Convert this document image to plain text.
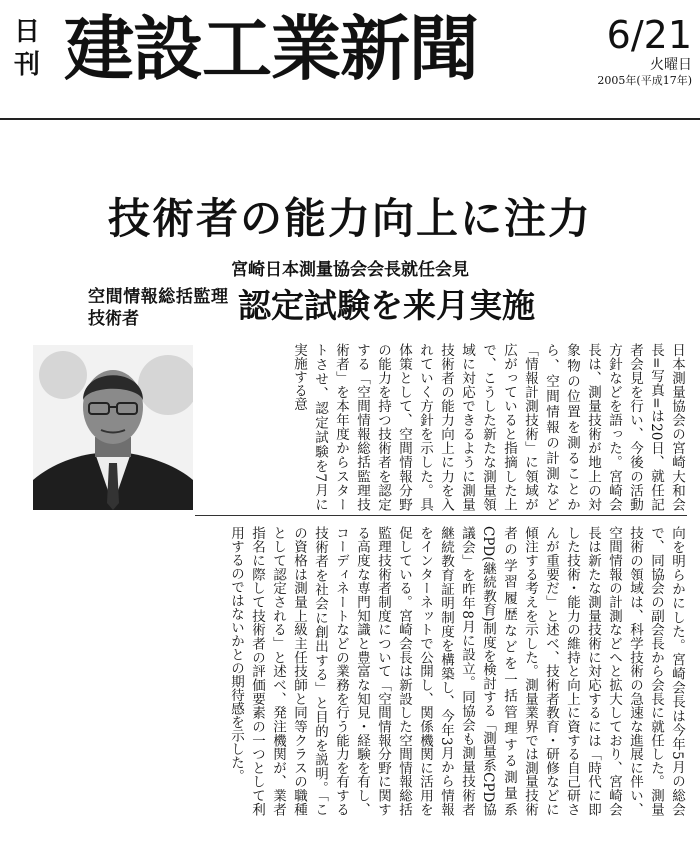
日刊 建設工業新聞	6/21
火曜日
2005年(平成17年)
技術者の能力向上に注力
宮崎日本測量協会会長就任会見
空間情報総括監理技術者	認定試験を来月実施
日本測量協会の宮崎大和会長=写真=は20日、就任記者会見を行い、今後の活動方針などを語った。宮崎会長は、測量技術が地上の対象物の位置を測ることから、空間情報の計測など「情報計測技術」に領域が広がっていると指摘した上で、こうした新たな測量領域に対応できるように測量技術者の能力向上に力を入れていく方針を示した。具体策として、空間情報分野の能力を持つ技術者を認定する「空間情報総括監理技術者」を本年度からスタートさせ、認定試験を7月に実施する意
向を明らかにした。宮崎会長は今年5月の総会で、同協会の副会長から会長に就任した。測量技術の領域は、科学技術の急速な進展に伴い、空間情報の計測などへと拡大しており、宮崎会長は新たな測量技術に対応するには「時代に即した技術・能力の維持と向上に資する自己研さんが重要だ」と述べ、技術者教育・研修などに傾注する考えを示した。測量業界では測量技術者の学習履歴などを一括管理する測量系CPD(継続教育)制度を検討する「測量系CPD協議会」を昨年8月に設立。同協会も測量技術者継続教育証明制度を構築し、今年3月から情報をインターネットで公開し、関係機関に活用を促している。宮崎会長は新設した空間情報総括監理技術者制度について「空間情報分野に関する高度な専門知識と豊富な知見・経験を有し、コーディネートなどの業務を行う能力を有する技術者を社会に創出する」と目的を説明。「この資格は測量上級主任技師と同等クラスの職種として認定される」と述べ、発注機関が、業者指名に際して技術者の評価要素の一つとして利用するのではないかとの期待感を示した。
